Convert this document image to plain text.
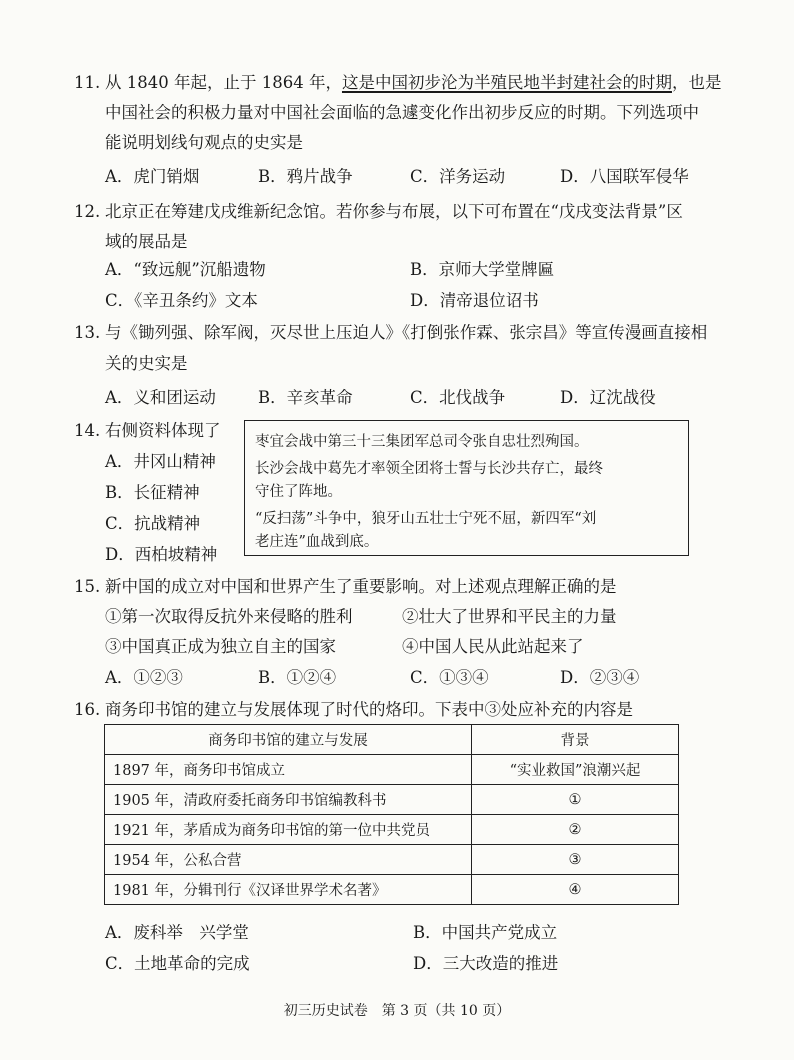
11. 从 1840 年起，止于 1864 年，这是中国初步沦为半殖民地半封建社会的时期，也是
中国社会的积极力量对中国社会面临的急遽变化作出初步反应的时期。下列选项中
能说明划线句观点的史实是
A．虎门销烟	B．鸦片战争	C．洋务运动	D．八国联军侵华
12. 北京正在筹建戊戌维新纪念馆。若你参与布展，以下可布置在“戊戌变法背景”区
域的展品是
A．“致远舰”沉船遗物	B．京师大学堂牌匾
C．《辛丑条约》文本	D．清帝退位诏书
13. 与《锄列强、除军阀，灭尽世上压迫人》《打倒张作霖、张宗昌》等宣传漫画直接相
关的史实是
A．义和团运动	B．辛亥革命	C．北伐战争	D．辽沈战役
14. 右侧资料体现了
A．井冈山精神
B．长征精神
C．抗战精神
D．西柏坡精神
枣宜会战中第三十三集团军总司令张自忠壮烈殉国。
长沙会战中葛先才率领全团将士誓与长沙共存亡，最终
守住了阵地。
“反扫荡”斗争中，狼牙山五壮士宁死不屈，新四军“刘
老庄连”血战到底。
15. 新中国的成立对中国和世界产生了重要影响。对上述观点理解正确的是
①第一次取得反抗外来侵略的胜利	②壮大了世界和平民主的力量
③中国真正成为独立自主的国家	④中国人民从此站起来了
A．①②③	B．①②④	C．①③④	D．②③④
16. 商务印书馆的建立与发展体现了时代的烙印。下表中③处应补充的内容是
商务印书馆的建立与发展	背景
1897 年，商务印书馆成立	“实业救国”浪潮兴起
1905 年，清政府委托商务印书馆编教科书	①
1921 年，茅盾成为商务印书馆的第一位中共党员	②
1954 年，公私合营	③
1981 年，分辑刊行《汉译世界学术名著》	④
A．废科举　兴学堂	B．中国共产党成立
C．土地革命的完成	D．三大改造的推进
初三历史试卷　第 3 页（共 10 页）
